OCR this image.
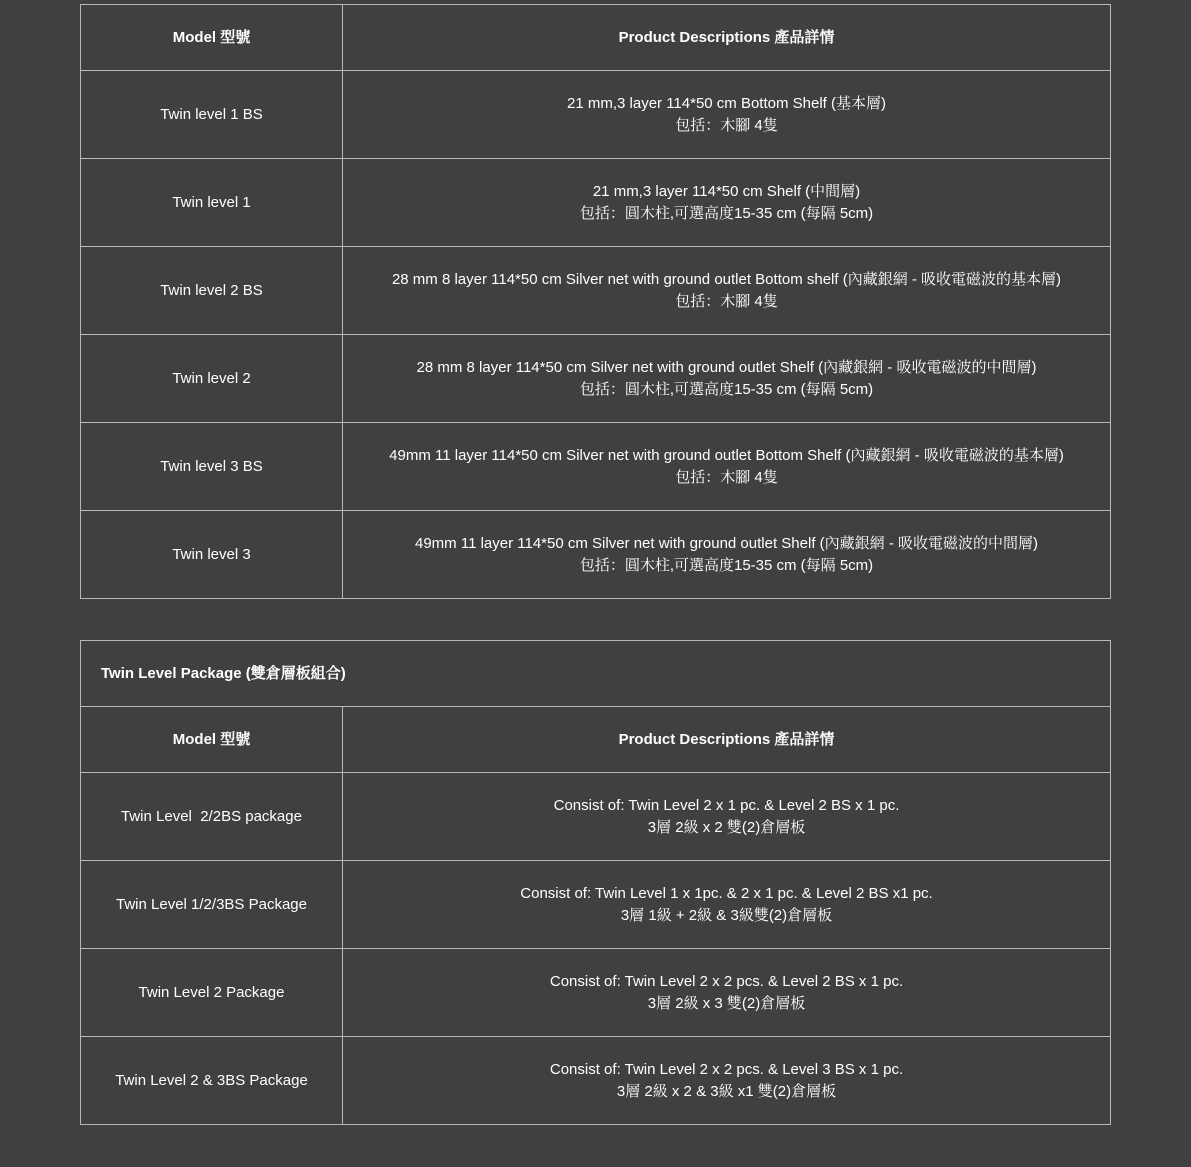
Model 型號	Product Descriptions 產品詳情
Twin level 1 BS	21 mm,3 layer 114*50 cm Bottom Shelf (基本層)
包括：木腳 4隻

Twin level 1	21 mm,3 layer 114*50 cm Shelf (中間層)
包括：圓木柱,可選高度15-35 cm (每隔 5cm)

Twin level 2 BS	28 mm 8 layer 114*50 cm Silver net with ground outlet Bottom shelf (內藏銀網 - 吸收電磁波的基本層)
包括：木腳 4隻

Twin level 2	28 mm 8 layer 114*50 cm Silver net with ground outlet Shelf (內藏銀網 - 吸收電磁波的中間層)
包括：圓木柱,可選高度15-35 cm (每隔 5cm)

Twin level 3 BS	49mm 11 layer 114*50 cm Silver net with ground outlet Bottom Shelf (內藏銀網 - 吸收電磁波的基本層)
包括：木腳 4隻

Twin level 3	49mm 11 layer 114*50 cm Silver net with ground outlet Shelf (內藏銀網 - 吸收電磁波的中間層)
包括：圓木柱,可選高度15-35 cm (每隔 5cm)
Twin Level Package (雙倉層板組合)	
Model 型號	Product Descriptions 產品詳情
Twin Level  2/2BS package	Consist of: Twin Level 2 x 1 pc. & Level 2 BS x 1 pc.
3層 2級 x 2 雙(2)倉層板

Twin Level 1/2/3BS Package	Consist of: Twin Level 1 x 1pc. & 2 x 1 pc. & Level 2 BS x1 pc.
3層 1級 + 2級 & 3級雙(2)倉層板

Twin Level 2 Package	Consist of: Twin Level 2 x 2 pcs. & Level 2 BS x 1 pc.
3層 2級 x 3 雙(2)倉層板

Twin Level 2 & 3BS Package	Consist of: Twin Level 2 x 2 pcs. & Level 3 BS x 1 pc.
3層 2級 x 2 & 3級 x1 雙(2)倉層板
